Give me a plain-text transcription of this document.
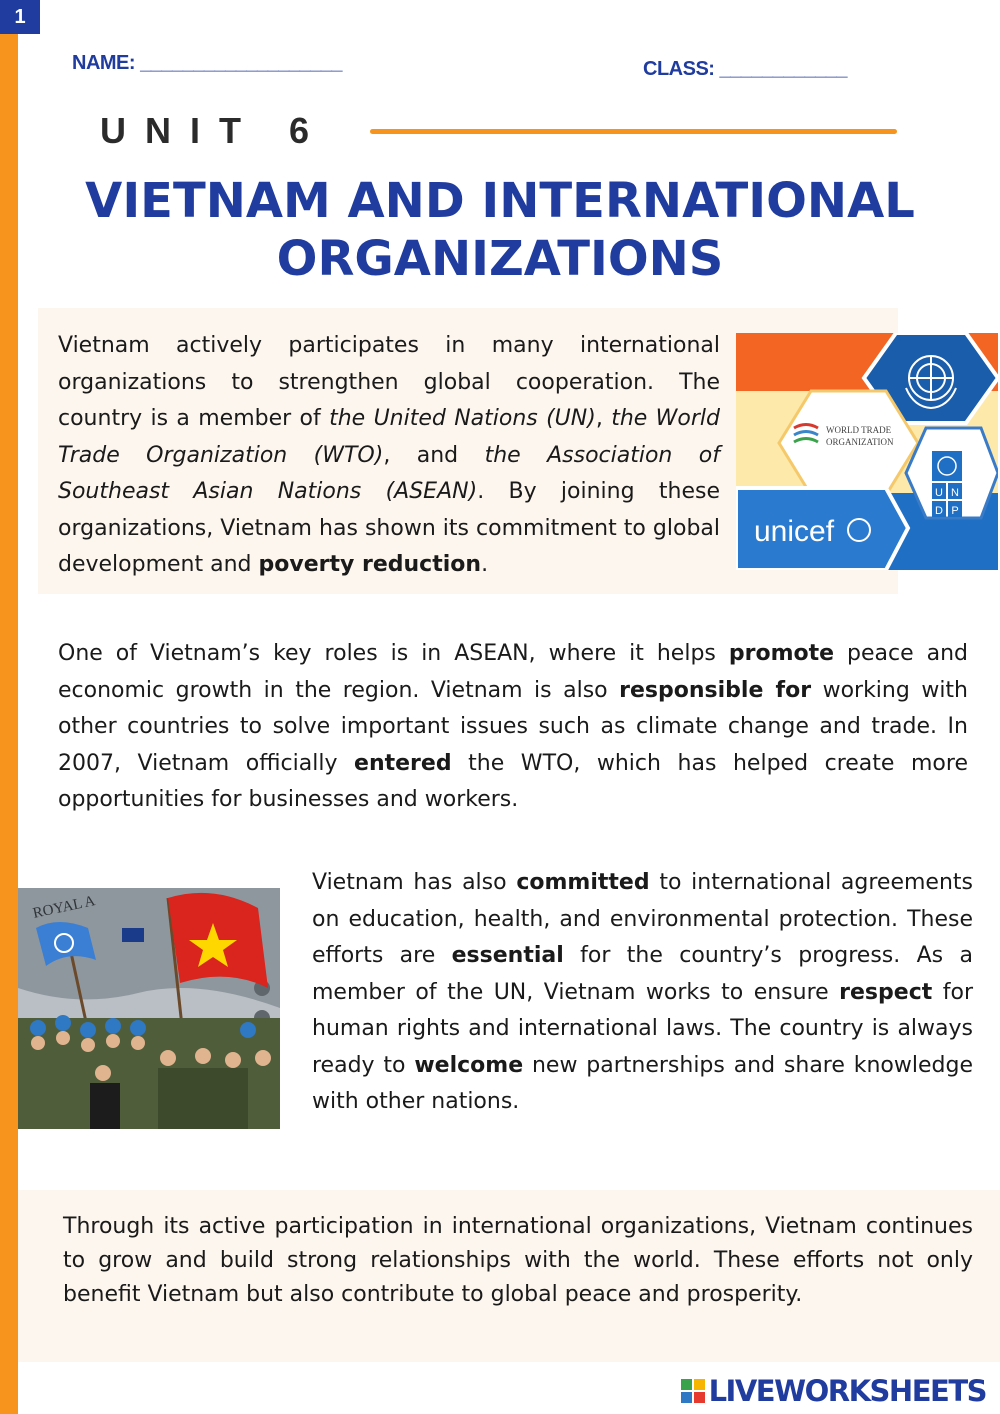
1
NAME: ___________________	CLASS: ____________
UNIT 6
VIETNAM AND INTERNATIONAL
ORGANIZATIONS

Vietnam actively participates in many international organizations to strengthen global cooperation. The country is a member of the United Nations (UN), the World Trade Organization (WTO), and the Association of Southeast Asian Nations (ASEAN). By joining these organizations, Vietnam has shown its commitment to global development and poverty reduction.

WORLD TRADE
ORGANIZATION
U N
D P
unicef

One of Vietnam’s key roles is in ASEAN, where it helps promote peace and economic growth in the region. Vietnam is also responsible for working with other countries to solve important issues such as climate change and trade. In 2007, Vietnam officially entered the WTO, which has helped create more opportunities for businesses and workers.

ROYAL A

Vietnam has also committed to international agreements on education, health, and environmental protection. These efforts are essential for the country’s progress. As a member of the UN, Vietnam works to ensure respect for human rights and international laws. The country is always ready to welcome new partnerships and share knowledge with other nations.

Through its active participation in international organizations, Vietnam continues to grow and build strong relationships with the world. These efforts not only benefit Vietnam but also contribute to global peace and prosperity.

LIVEWORKSHEETS
